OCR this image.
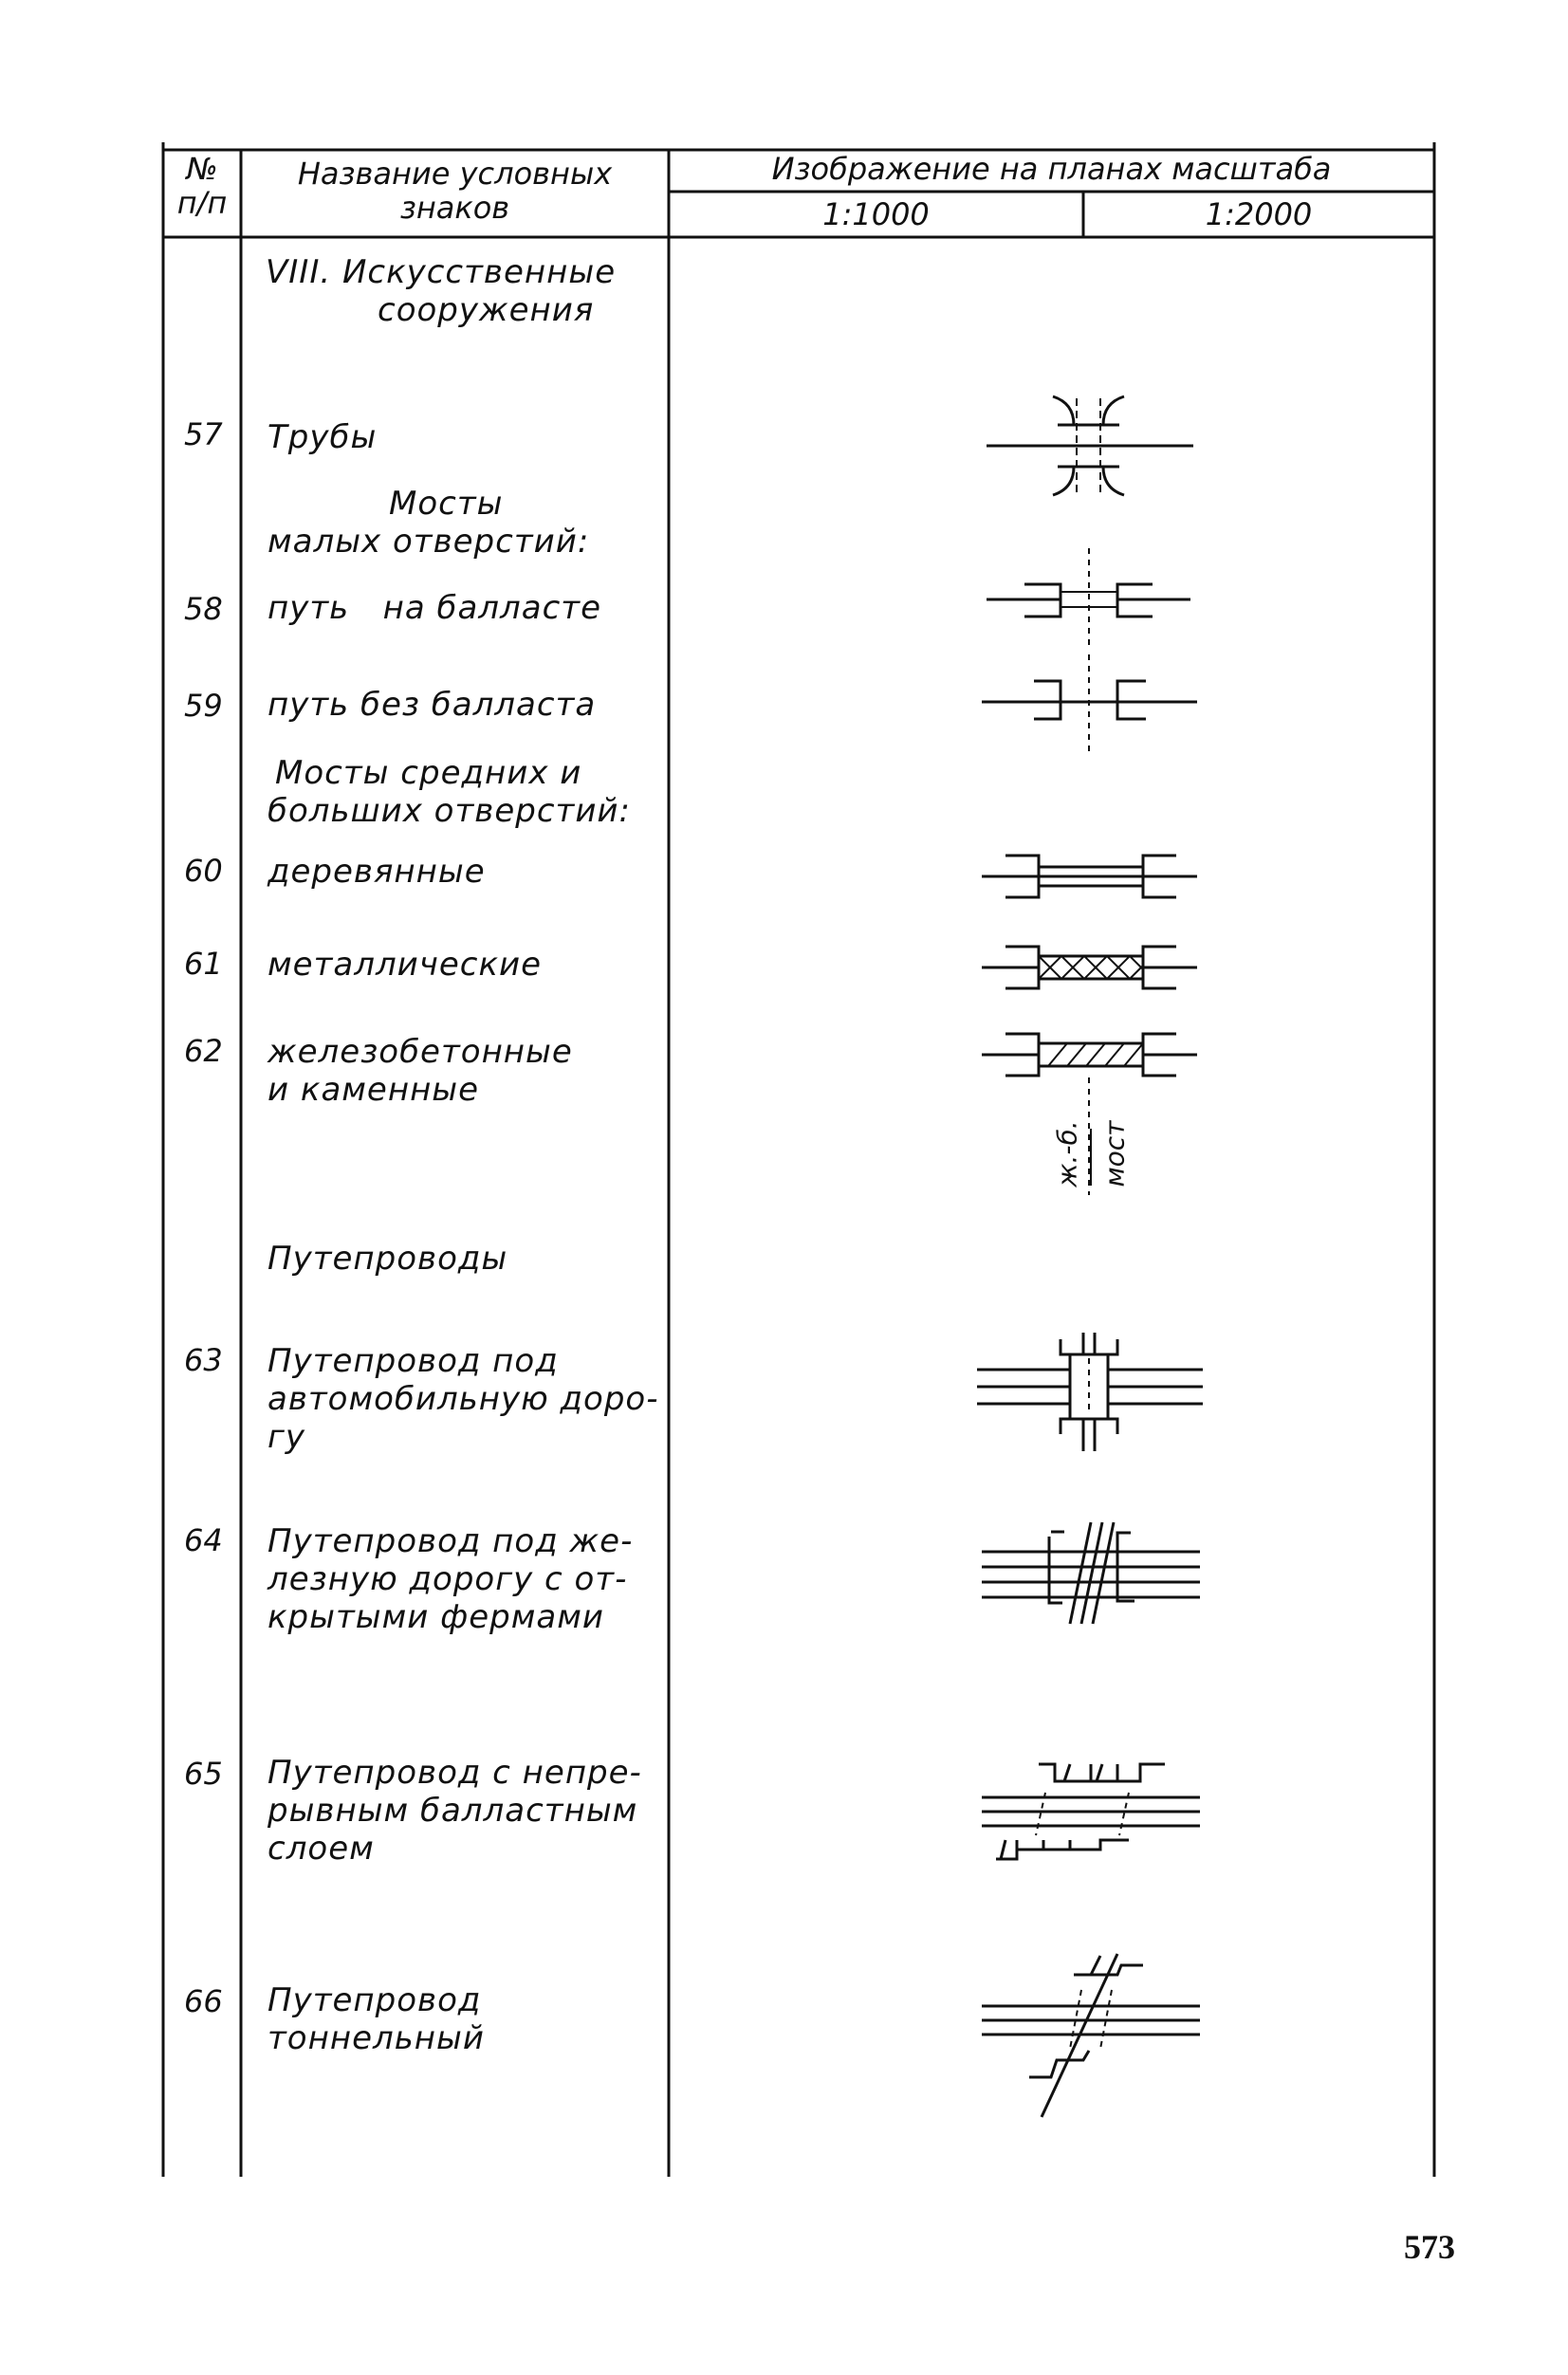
№
п/п
Название условных
знаков
Изображение на планах масштаба
1:1000	1:2000
VIII. Искусственные
сооружения
57 Трубы
Мосты
малых отверстий:
58 путь   на балласте
59 путь без балласта
Мосты средних и
больших отверстий:
60 деревянные
61 металлические
62 железобетонные
и каменные
Путепроводы
63 Путепровод под
автомобильную доро-
гу
64 Путепровод под же-
лезную дорогу с от-
крытыми фермами
65 Путепровод с непре-
рывным балластным
слоем
66 Путепровод
тоннельный
ж.-б. мост
573
